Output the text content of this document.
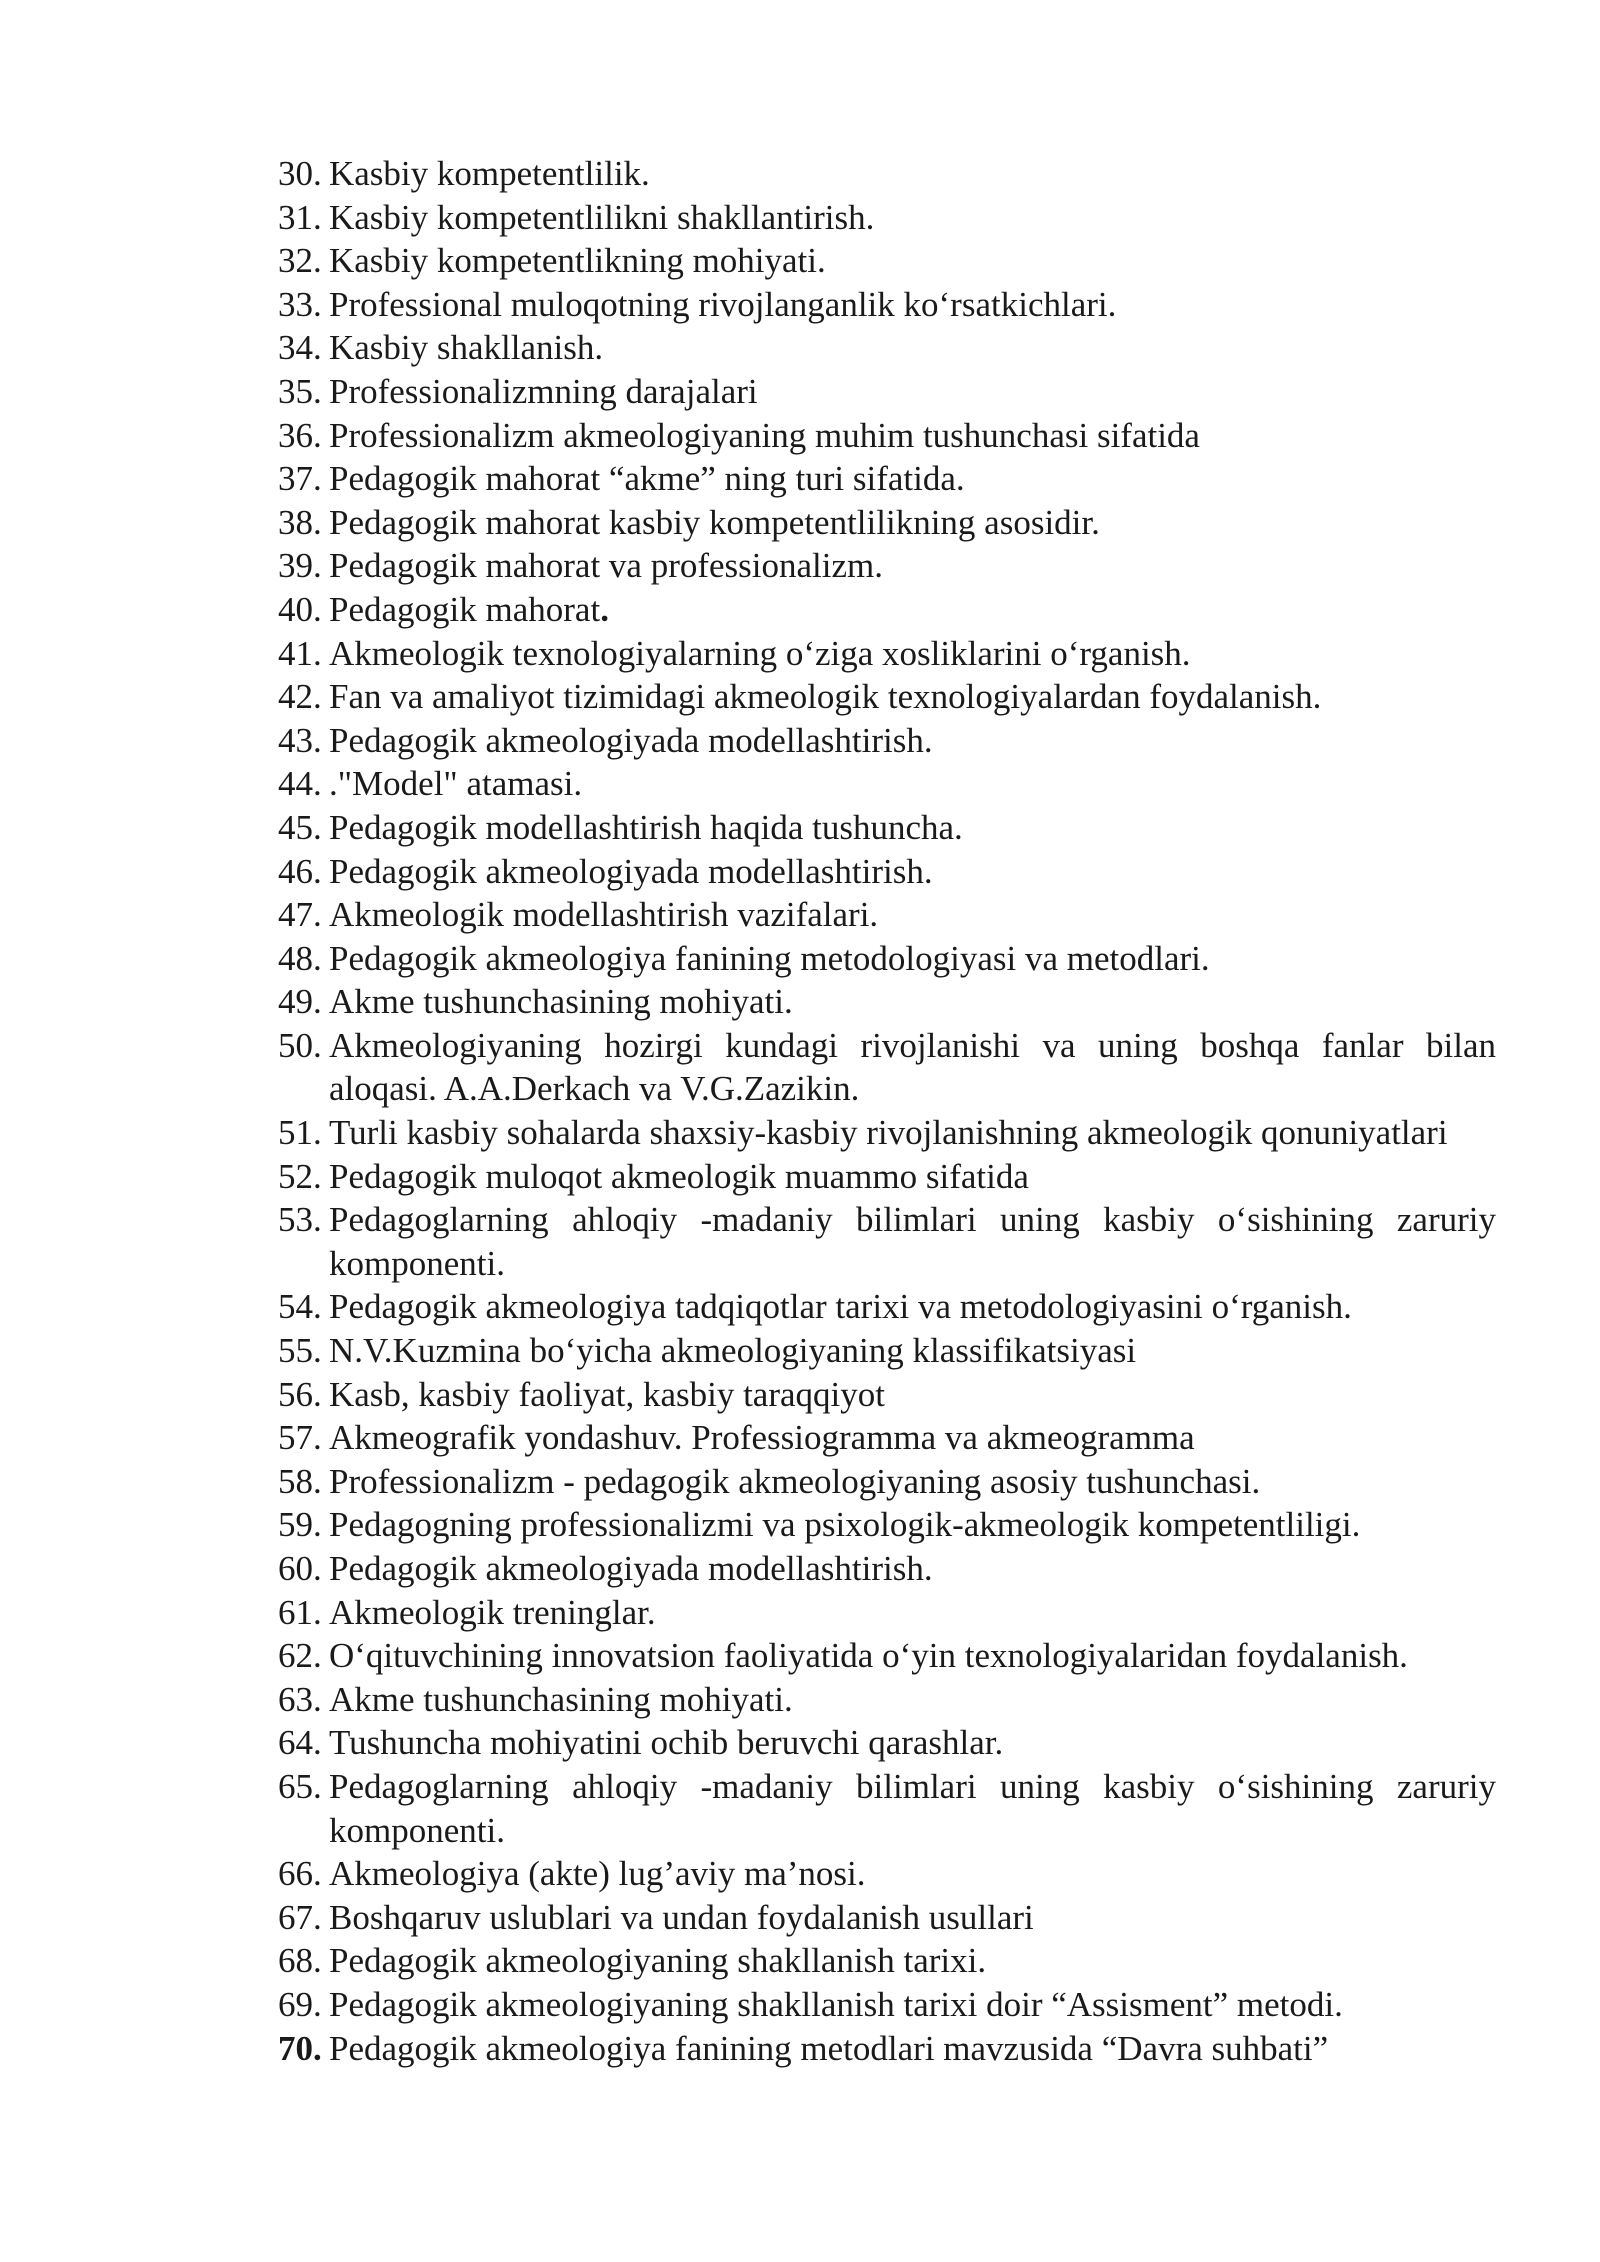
30. Kasbiy kompetentlilik.
31. Kasbiy kompetentlilikni shakllantirish.
32. Kasbiy kompetentlikning mohiyati.
33. Professional muloqotning rivojlanganlik koʻrsatkichlari.
34. Kasbiy shakllanish.
35. Professionalizmning darajalari
36. Professionalizm akmeologiyaning muhim tushunchasi sifatida
37. Pedagogik mahorat “akme” ning turi sifatida.
38. Pedagogik mahorat kasbiy kompetentlilikning asosidir.
39. Pedagogik mahorat va professionalizm.
40. Pedagogik mahorat.
41. Akmeologik texnologiyalarning oʻziga xosliklarini oʻrganish.
42. Fan va amaliyot tizimidagi akmeologik texnologiyalardan foydalanish.
43. Pedagogik akmeologiyada modellashtirish.
44. ."Model" atamasi.
45. Pedagogik modellashtirish haqida tushuncha.
46. Pedagogik akmeologiyada modellashtirish.
47. Akmeologik modellashtirish vazifalari.
48. Pedagogik akmeologiya fanining metodologiyasi va metodlari.
49. Akme tushunchasining mohiyati.
50. Akmeologiyaning hozirgi kundagi rivojlanishi va uning boshqa fanlar bilan aloqasi. A.A.Derkach va V.G.Zazikin.
51. Turli kasbiy sohalarda shaxsiy-kasbiy rivojlanishning akmeologik qonuniyatlari
52. Pedagogik muloqot akmeologik muammo sifatida
53. Pedagoglarning ahloqiy -madaniy bilimlari uning kasbiy oʻsishining zaruriy komponenti.
54. Pedagogik akmeologiya tadqiqotlar tarixi va metodologiyasini oʻrganish.
55. N.V.Kuzmina boʻyicha akmeologiyaning klassifikatsiyasi
56. Kasb, kasbiy faoliyat, kasbiy taraqqiyot
57. Akmeografik yondashuv. Professiogramma va akmeogramma
58. Professionalizm - pedagogik akmeologiyaning asosiy tushunchasi.
59. Pedagogning professionalizmi va psixologik-akmeologik kompetentliligi.
60. Pedagogik akmeologiyada modellashtirish.
61. Akmeologik treninglar.
62. Oʻqituvchining innovatsion faoliyatida oʻyin texnologiyalaridan foydalanish.
63. Akme tushunchasining mohiyati.
64. Tushuncha mohiyatini ochib beruvchi qarashlar.
65. Pedagoglarning ahloqiy -madaniy bilimlari uning kasbiy oʻsishining zaruriy komponenti.
66. Akmeologiya (akte) lug’aviy ma’nosi.
67. Boshqaruv uslublari va undan foydalanish usullari
68. Pedagogik akmeologiyaning shakllanish tarixi.
69. Pedagogik akmeologiyaning shakllanish tarixi doir “Assisment” metodi.
70. Pedagogik akmeologiya fanining metodlari mavzusida “Davra suhbati”
